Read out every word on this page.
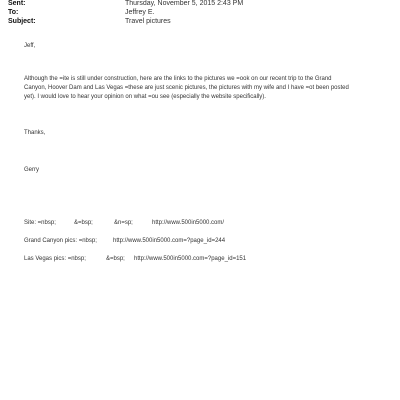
Sent:	Thursday, November 5, 2015 2:43 PM
To:	Jeffrey E.
Subject:	Travel pictures
Jeff,
Although the =ite is still under construction, here are the links to the pictures we =ook on our recent trip to the Grand
Canyon, Hoover Dam and Las Vegas =these are just scenic pictures, the pictures with my wife and I have =ot been posted
yet). I would love to hear your opinion on what =ou see (especially the website specifically).
Thanks,
Gerry
Site: =nbsp;	&=bsp;	&n=sp;	http://www.500in5000.com/
Grand Canyon pics: =nbsp;	http://www.500in5000.com=?page_id=244
Las Vegas pics: =nbsp;	&=bsp; http://www.500in5000.com=?page_id=151
